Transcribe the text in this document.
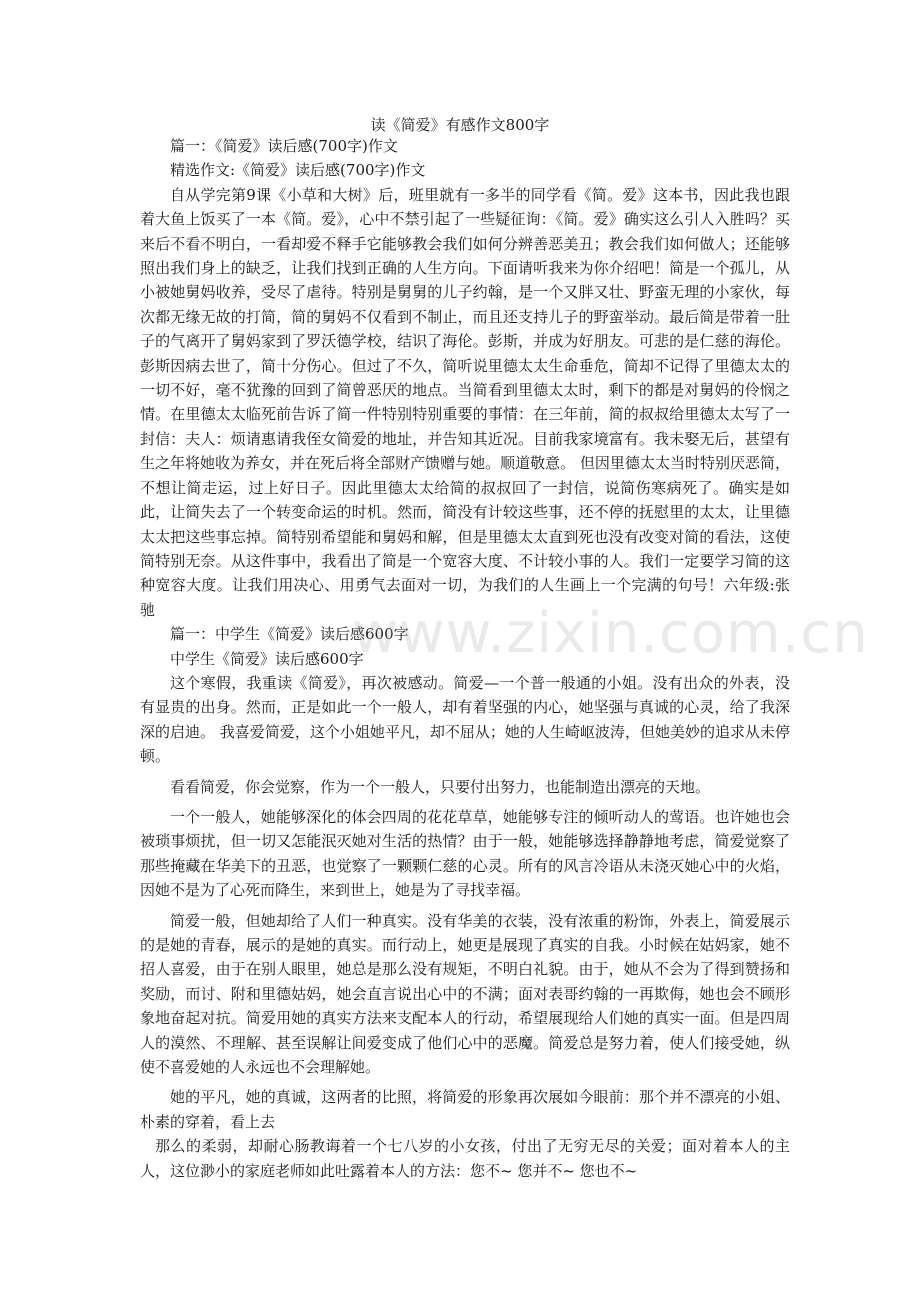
读《简爱》有感作文800字

篇一：《简爱》读后感(700字)作文

精选作文:《简爱》读后感(700字)作文

自从学完第9课《小草和大树》后，班里就有一多半的同学看《简。爱》这本书，因此我也跟着大鱼上饭买了一本《简。爱》，心中不禁引起了一些疑征询：《简。爱》确实这么引人入胜吗？买来后不看不明白，一看却爱不释手它能够教会我们如何分辨善恶美丑；教会我们如何做人；还能够照出我们身上的缺乏，让我们找到正确的人生方向。下面请听我来为你介绍吧！简是一个孤儿，从小被她舅妈收养，受尽了虐待。特别是舅舅的儿子约翰，是一个又胖又壮、野蛮无理的小家伙，每次都无缘无故的打简，简的舅妈不仅看到不制止，而且还支持儿子的野蛮举动。最后简是带着一肚子的气离开了舅妈家到了罗沃德学校，结识了海伦。彭斯，并成为好朋友。可悲的是仁慈的海伦。彭斯因病去世了，简十分伤心。但过了不久，简听说里德太太生命垂危，简却不记得了里德太太的一切不好，毫不犹豫的回到了简曾恶厌的地点。当简看到里德太太时，剩下的都是对舅妈的伶悯之情。在里德太太临死前告诉了简一件特别特别重要的事情：在三年前，简的叔叔给里德太太写了一封信：夫人：烦请惠请我侄女简爱的地址，并告知其近况。目前我家境富有。我未娶无后，甚望有生之年将她收为养女，并在死后将全部财产馈赠与她。顺道敬意。 但因里德太太当时特别厌恶简，不想让简走运，过上好日子。因此里德太太给简的叔叔回了一封信，说简伤寒病死了。确实是如此，让简失去了一个转变命运的时机。然而，简没有计较这些事，还不停的抚慰里的太太，让里德太太把这些事忘掉。简特别希望能和舅妈和解，但是里德太太直到死也没有改变对简的看法，这使简特别无奈。从这件事中，我看出了简是一个宽容大度、不计较小事的人。我们一定要学习简的这种宽容大度。让我们用决心、用勇气去面对一切，为我们的人生画上一个完满的句号！六年级:张驰

篇一：中学生《简爱》读后感600字

中学生《简爱》读后感600字

这个寒假，我重读《简爱》，再次被感动。简爱—一个普一般通的小姐。没有出众的外表，没有显贵的出身。然而，正是如此一个一般人，却有着坚强的内心，她坚强与真诚的心灵，给了我深深的启迪。 我喜爱简爱，这个小姐她平凡，却不屈从；她的人生崎岖波涛，但她美妙的追求从未停顿。

看看简爱，你会觉察，作为一个一般人，只要付出努力，也能制造出漂亮的天地。

一个一般人，她能够深化的体会四周的花花草草，她能够专注的倾听动人的莺语。也许她也会被琐事烦扰，但一切又怎能泯灭她对生活的热情？由于一般，她能够选择静静地考虑，简爱觉察了那些掩藏在华美下的丑恶，也觉察了一颗颗仁慈的心灵。所有的风言冷语从未浇灭她心中的火焰，因她不是为了心死而降生，来到世上，她是为了寻找幸福。

简爱一般，但她却给了人们一种真实。没有华美的衣装，没有浓重的粉饰，外表上，简爱展示的是她的青春，展示的是她的真实。而行动上，她更是展现了真实的自我。小时候在姑妈家，她不招人喜爱，由于在别人眼里，她总是那么没有规矩，不明白礼貌。由于，她从不会为了得到赞扬和奖励，而讨、附和里德姑妈，她会直言说出心中的不满；面对表哥约翰的一再欺侮，她也会不顾形象地奋起对抗。简爱用她的真实方法来支配本人的行动，希望展现给人们她的真实一面。但是四周人的漠然、不理解、甚至误解让间爱变成了他们心中的恶魔。简爱总是努力着，使人们接受她，纵使不喜爱她的人永远也不会理解她。

她的平凡，她的真诚，这两者的比照，将简爱的形象再次展如今眼前：那个并不漂亮的小姐、朴素的穿着，看上去

那么的柔弱，却耐心肠教诲着一个七八岁的小女孩，付出了无穷无尽的关爱；面对着本人的主人，这位渺小的家庭老师如此吐露着本人的方法：您不~ 您并不~ 您也不~

www.zixin.com.cn
